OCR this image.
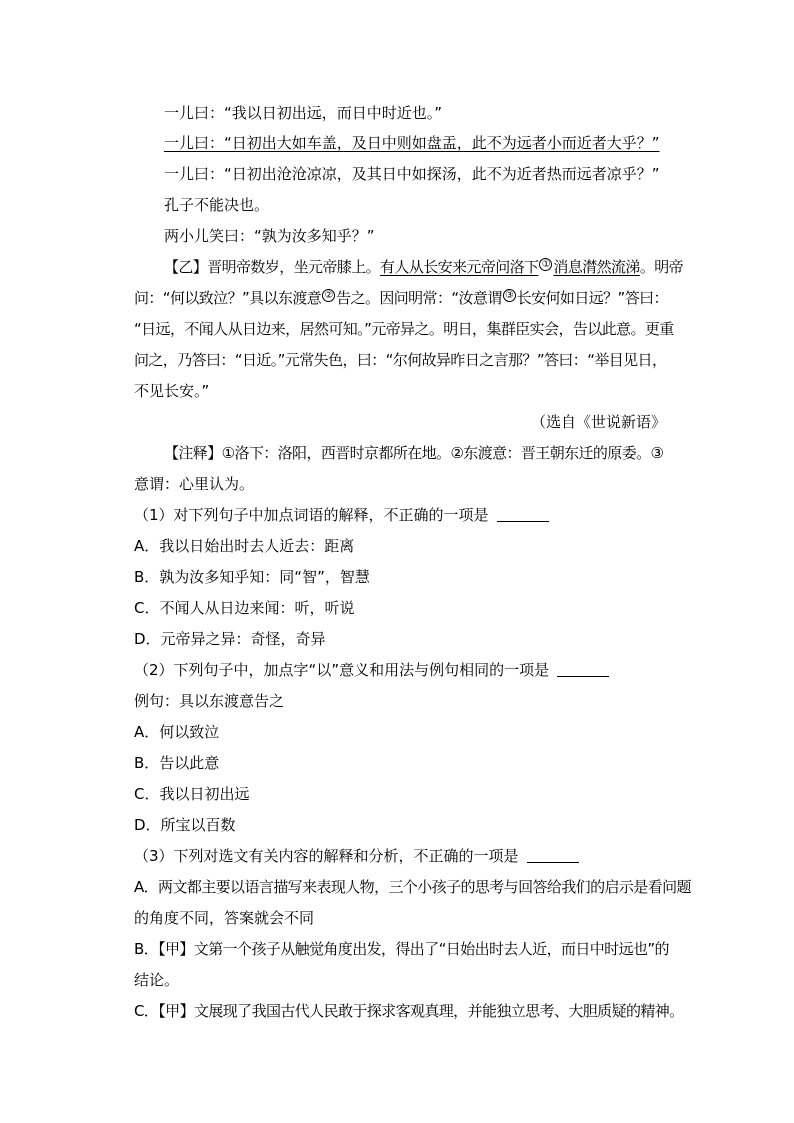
一儿曰：“我以日初出远，而日中时近也。”
一儿曰：“日初出大如车盖，及日中则如盘盂，此不为远者小而近者大乎？”
一儿曰：“日初出沧沧凉凉，及其日中如探汤，此不为近者热而远者凉乎？”
孔子不能决也。
两小儿笑曰：“孰为汝多知乎？”
【乙】晋明帝数岁，坐元帝膝上。有人从长安来元帝问洛下 ① 消息潸然流涕。明帝
问：“何以致泣？”具以东渡意 ② 告之。因问明常：“汝意谓 ③ 长安何如日远？”答曰：
“日远，不闻人从日边来，居然可知。”元帝异之。明日，集群臣实会，告以此意。更重
问之，乃答曰：“日近。”元常失色，曰：“尔何故异昨日之言那？”答曰：“举目见日，
不见长安。”
（选自《世说新语》
【注释】①洛下：洛阳，西晋时京都所在地。②东渡意：晋王朝东迁的原委。③
意谓：心里认为。
（1）对下列句子中加点词语的解释，不正确的一项是
A．我以日始出时去人近去：距离
B．孰为汝多知乎知：同“智”，智慧
C．不闻人从日边来闻：听，听说
D．元帝异之异：奇怪，奇异
（2）下列句子中，加点字“以”意义和用法与例句相同的一项是
例句：具以东渡意告之
A．何以致泣
B．告以此意
C．我以日初出远
D．所宝以百数
（3）下列对选文有关内容的解释和分析，不正确的一项是
A．两文都主要以语言描写来表现人物，三个小孩子的思考与回答给我们的启示是看问题
的角度不同，答案就会不同
B．【甲】文第一个孩子从触觉角度出发，得出了“日始出时去人近，而日中时远也”的
结论。
C．【甲】文展现了我国古代人民敢于探求客观真理，并能独立思考、大胆质疑的精神。
